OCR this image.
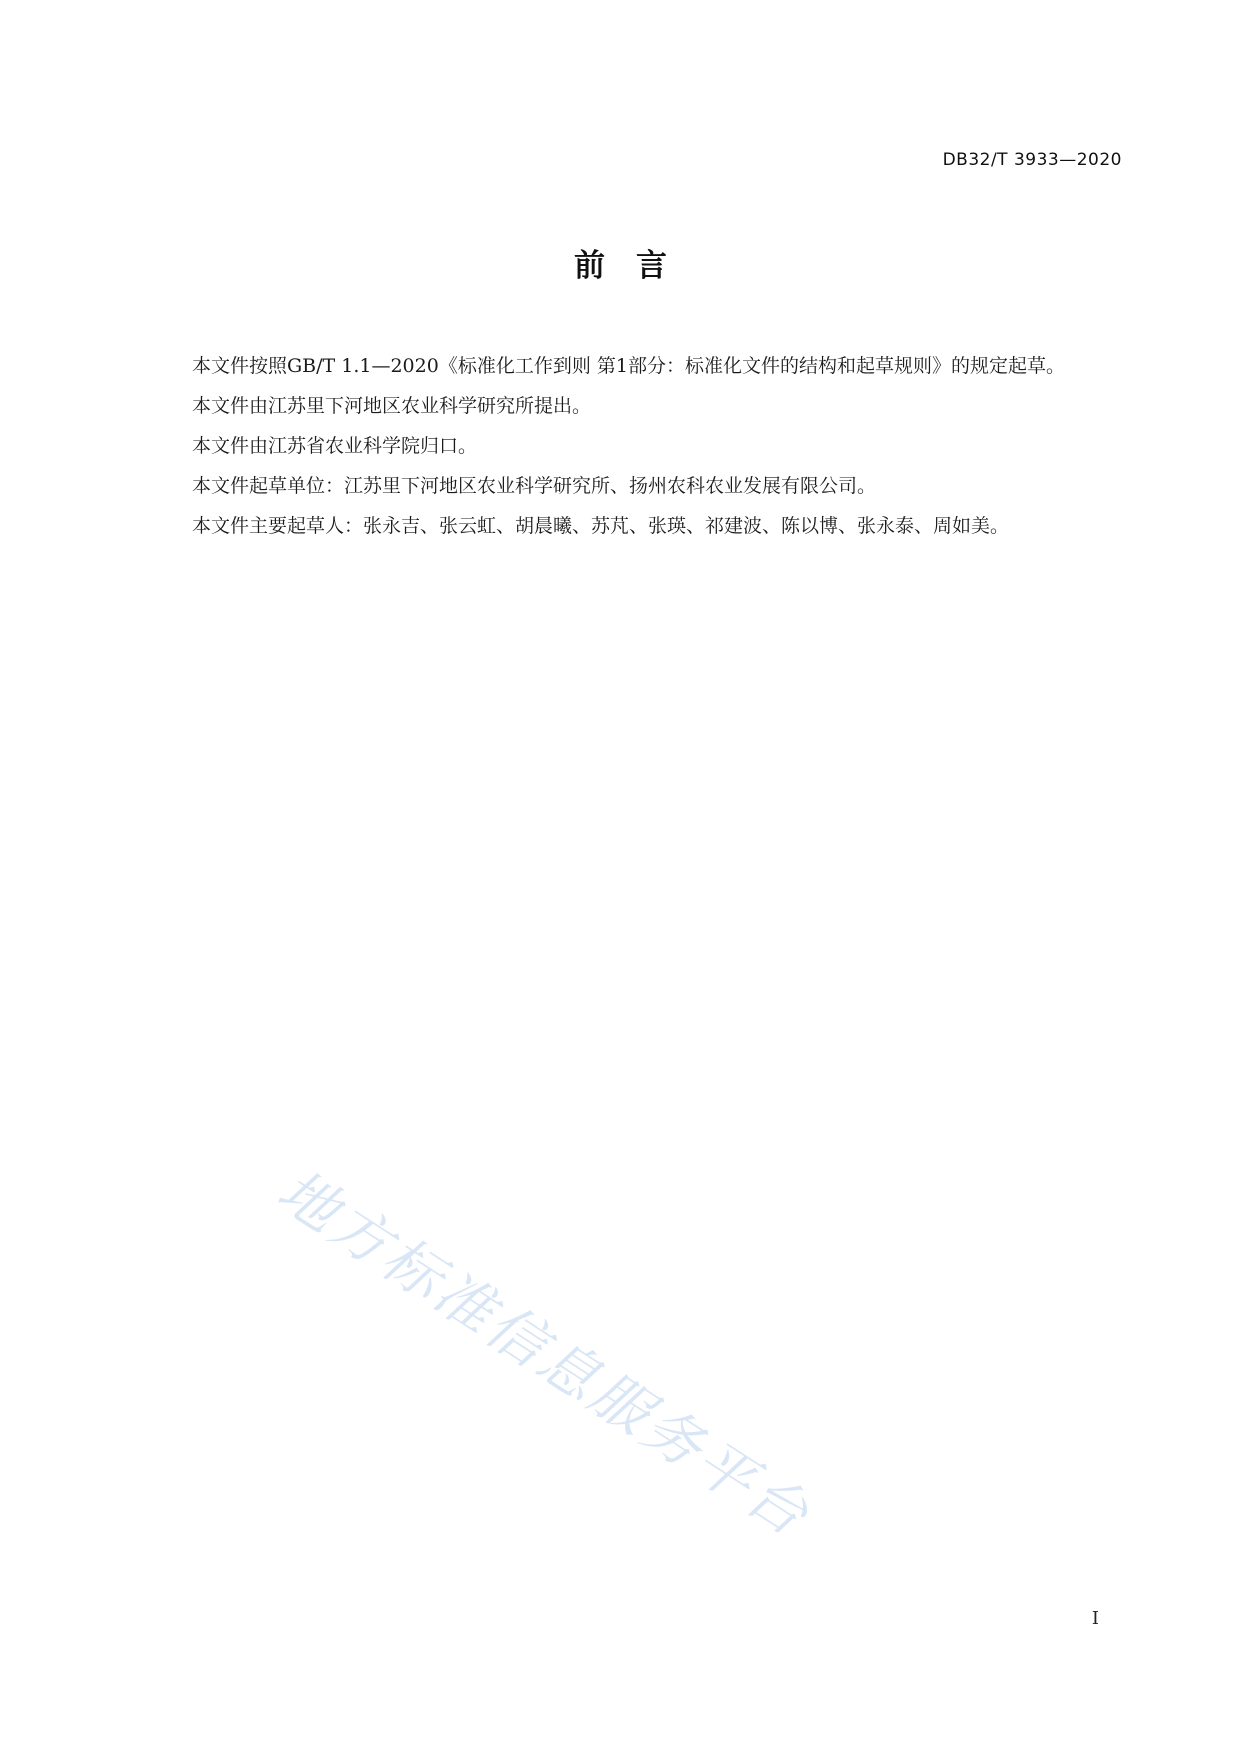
DB32/T 3933—2020
前　言

本文件按照GB/T 1.1—2020《标准化工作到则 第1部分：标准化文件的结构和起草规则》的规定起草。

本文件由江苏里下河地区农业科学研究所提出。

本文件由江苏省农业科学院归口。

本文件起草单位：江苏里下河地区农业科学研究所、扬州农科农业发展有限公司。

本文件主要起草人：张永吉、张云虹、胡晨曦、苏芃、张瑛、祁建波、陈以博、张永泰、周如美。

地方标准信息服务平台
I
